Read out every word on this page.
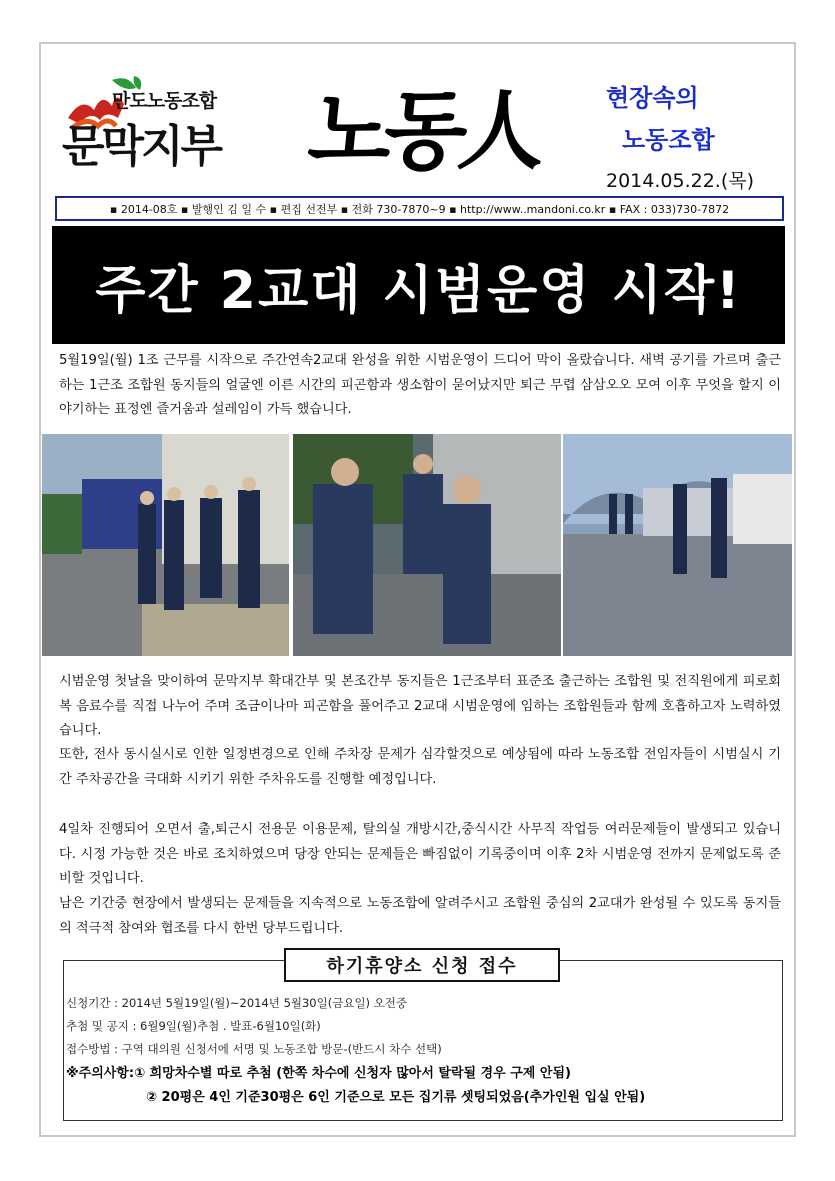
만도노동조합
문막지부 노동人	현장속의
노동조합
2014.05.22.(목)
▪ 2014-08호 ▪ 발행인 김 일 수 ▪ 편집 선전부 ▪ 전화 730-7870~9 ▪ http://www..mandoni.co.kr ▪ FAX : 033)730-7872
주간 2교대 시범운영 시작!

5월19일(월) 1조 근무를 시작으로 주간연속2교대 완성을 위한 시범운영이 드디어 막이 올랐습니다. 새벽 공기를 가르며 출근하는 1근조 조합원 동지들의 얼굴엔 이른 시간의 피곤함과 생소함이 묻어났지만 퇴근 무렵 삼삼오오 모여 이후 무엇을 할지 이야기하는 표정엔 즐거움과 설레임이 가득 했습니다.

시범운영 첫날을 맞이하여 문막지부 확대간부 및 본조간부 동지들은 1근조부터 표준조 출근하는 조합원 및 전직원에게 피로회복 음료수를 직접 나누어 주며 조금이나마 피곤함을 풀어주고 2교대 시범운영에 임하는 조합원들과 함께 호흡하고자 노력하였습니다.

또한, 전사 동시실시로 인한 일정변경으로 인해 주차장 문제가 심각할것으로 예상됨에 따라 노동조합 전임자들이 시범실시 기간 주차공간을 극대화 시키기 위한 주차유도를 진행할 예정입니다.

4일차 진행되어 오면서 출,퇴근시 전용문 이용문제, 탈의실 개방시간,중식시간 사무직 작업등 여러문제들이 발생되고 있습니다. 시정 가능한 것은 바로 조치하였으며 당장 안되는 문제들은 빠짐없이 기록중이며 이후 2차 시범운영 전까지 문제없도록 준비할 것입니다.

남은 기간중 현장에서 발생되는 문제들을 지속적으로 노동조합에 알려주시고 조합원 중심의 2교대가 완성될 수 있도록 동지들의 적극적 참여와 협조를 다시 한번 당부드립니다.

하기휴양소 신청 접수
신청기간 : 2014년 5월19일(월)~2014년 5월30일(금요일) 오전중
추첨 및 공지 : 6월9일(월)추첨 . 발표-6월10일(화)
접수방법 : 구역 대의원 신청서에 서명 및 노동조합 방문-(반드시 차수 선택)
※주의사항:① 희망차수별 따로 추첨 (한쪽 차수에 신청자 많아서 탈락될 경우 구제 안됨)
② 20평은 4인 기준30평은 6인 기준으로 모든 집기류 셋팅되었음(추가인원 입실 안됨)
